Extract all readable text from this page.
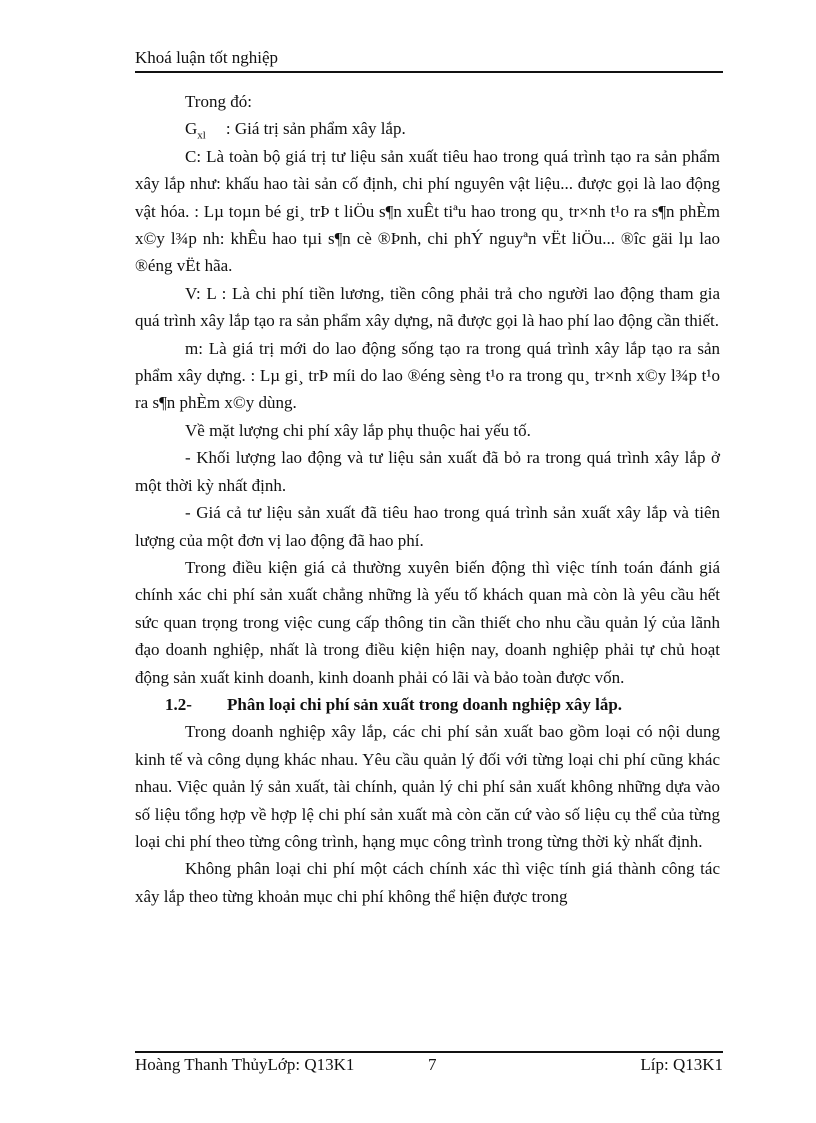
Khoá luận tốt nghiệp

Trong đó:

$G_{xl}$ : Giá trị sản phẩm xây lắp.

C: Là toàn bộ giá trị tư liệu sản xuất tiêu hao trong quá trình tạo ra sản phẩm xây lắp như: khấu hao tài sản cố định, chi phí nguyên vật liệu... được gọi là lao động vật hóa. : Lµ toµn bé gi¸ trÞ t liÖu s¶n xuÊt tiªu hao trong qu¸ tr×nh t¹o ra s¶n phÈm x©y l¾p nh: khÊu hao tµi s¶n cè ®Þnh, chi phÝ nguyªn vËt liÖu... ®îc gäi lµ lao ®éng vËt hãa.

V: L : Là chi phí tiền lương, tiền công phải trả cho người lao động tham gia quá trình xây lắp tạo ra sản phẩm xây dựng, nã được gọi là hao phí lao động cần thiết.

m: Là giá trị mới do lao động sống tạo ra trong quá trình xây lắp tạo ra sản phẩm xây dựng. : Lµ gi¸ trÞ míi do lao ®éng sèng t¹o ra trong qu¸ tr×nh x©y l¾p t¹o ra s¶n phÈm x©y dùng.

Về mặt lượng chi phí xây lắp phụ thuộc hai yếu tố.

- Khối lượng lao động và tư liệu sản xuất đã bỏ ra trong quá trình xây lắp ở một thời kỳ nhất định.

- Giá cả tư liệu sản xuất đã tiêu hao trong quá trình sản xuất xây lắp và tiên lượng của một đơn vị lao động đã hao phí.

Trong điều kiện giá cả thường xuyên biến động thì việc tính toán đánh giá chính xác chi phí sản xuất chẳng những là yếu tố khách quan mà còn là yêu cầu hết sức quan trọng trong việc cung cấp thông tin cần thiết cho nhu cầu quản lý của lãnh đạo doanh nghiệp, nhất là trong điều kiện hiện nay, doanh nghiệp phải tự chủ hoạt động sản xuất kinh doanh, kinh doanh phải có lãi và bảo toàn được vốn.

1.2- Phân loại chi phí sản xuất trong doanh nghiệp xây lắp.

Trong doanh nghiệp xây lắp, các chi phí sản xuất bao gồm loại có nội dung kinh tế và công dụng khác nhau. Yêu cầu quản lý đối với từng loại chi phí cũng khác nhau. Việc quản lý sản xuất, tài chính, quản lý chi phí sản xuất không những dựa vào số liệu tổng hợp về hợp lệ chi phí sản xuất mà còn căn cứ vào số liệu cụ thể của từng loại chi phí theo từng công trình, hạng mục công trình trong từng thời kỳ nhất định.

Không phân loại chi phí một cách chính xác thì việc tính giá thành công tác xây lắp theo từng khoản mục chi phí không thể hiện được trong

Hoàng Thanh ThủyLớp: Q13K1	7	Líp: Q13K1
